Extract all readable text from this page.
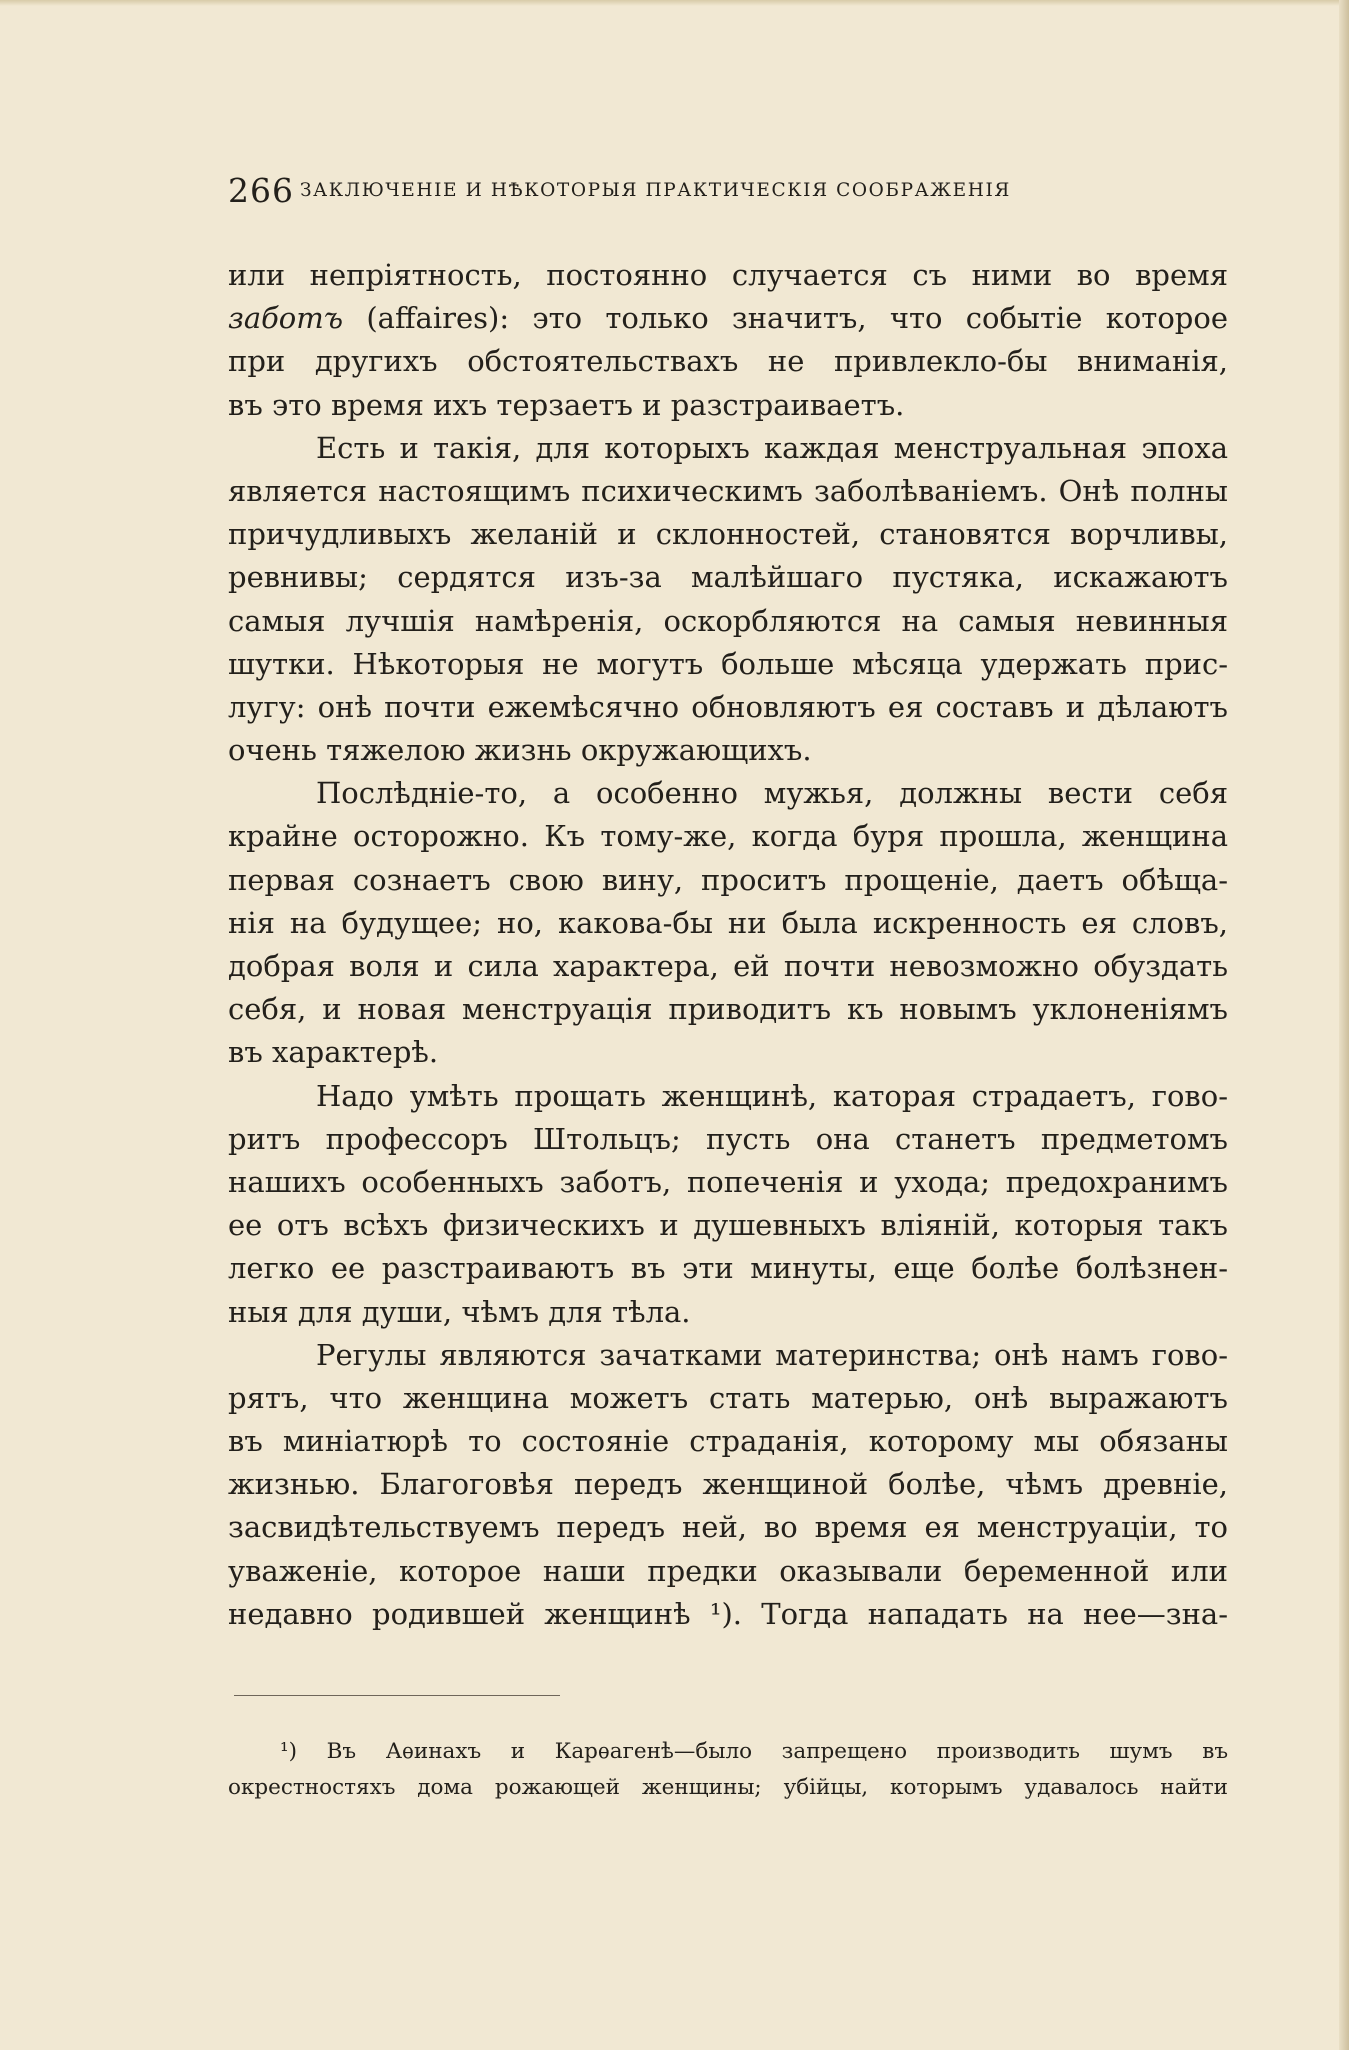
266 ЗАКЛЮЧЕНІЕ И НѢКОТОРЫЯ ПРАКТИЧЕСКІЯ СООБРАЖЕНІЯ
или непріятность, постоянно случается съ ними во время
заботъ (affaires): это только значитъ, что событіе которое
при другихъ обстоятельствахъ не привлекло-бы вниманія,
въ это время ихъ терзаетъ и разстраиваетъ.
Есть и такія, для которыхъ каждая менструальная эпоха
является настоящимъ психическимъ заболѣваніемъ. Онѣ полны
причудливыхъ желаній и склонностей, становятся ворчливы,
ревнивы; сердятся изъ-за малѣйшаго пустяка, искажаютъ
самыя лучшія намѣренія, оскорбляются на самыя невинныя
шутки. Нѣкоторыя не могутъ больше мѣсяца удержать прис-
лугу: онѣ почти ежемѣсячно обновляютъ ея составъ и дѣлаютъ
очень тяжелою жизнь окружающихъ.
Послѣдніе-то, а особенно мужья, должны вести себя
крайне осторожно. Къ тому-же, когда буря прошла, женщина
первая сознаетъ свою вину, проситъ прощеніе, даетъ обѣща-
нія на будущее; но, какова-бы ни была искренность ея словъ,
добрая воля и сила характера, ей почти невозможно обуздать
себя, и новая менструація приводитъ къ новымъ уклоненіямъ
въ характерѣ.
Надо умѣть прощать женщинѣ, каторая страдаетъ, гово-
ритъ профессоръ Штольцъ; пусть она станетъ предметомъ
нашихъ особенныхъ заботъ, попеченія и ухода; предохранимъ
ее отъ всѣхъ физическихъ и душевныхъ вліяній, которыя такъ
легко ее разстраиваютъ въ эти минуты, еще болѣе болѣзнен-
ныя для души, чѣмъ для тѣла.
Регулы являются зачатками материнства; онѣ намъ гово-
рятъ, что женщина можетъ стать матерью, онѣ выражаютъ
въ миніатюрѣ то состояніе страданія, которому мы обязаны
жизнью. Благоговѣя передъ женщиной болѣе, чѣмъ древніе,
засвидѣтельствуемъ передъ ней, во время ея менструаціи, то
уваженіе, которое наши предки оказывали беременной или
недавно родившей женщинѣ ¹). Тогда нападать на нее—зна-
¹) Въ Аѳинахъ и Карѳагенѣ—было запрещено производить шумъ въ
окрестностяхъ дома рожающей женщины; убійцы, которымъ удавалось найти
